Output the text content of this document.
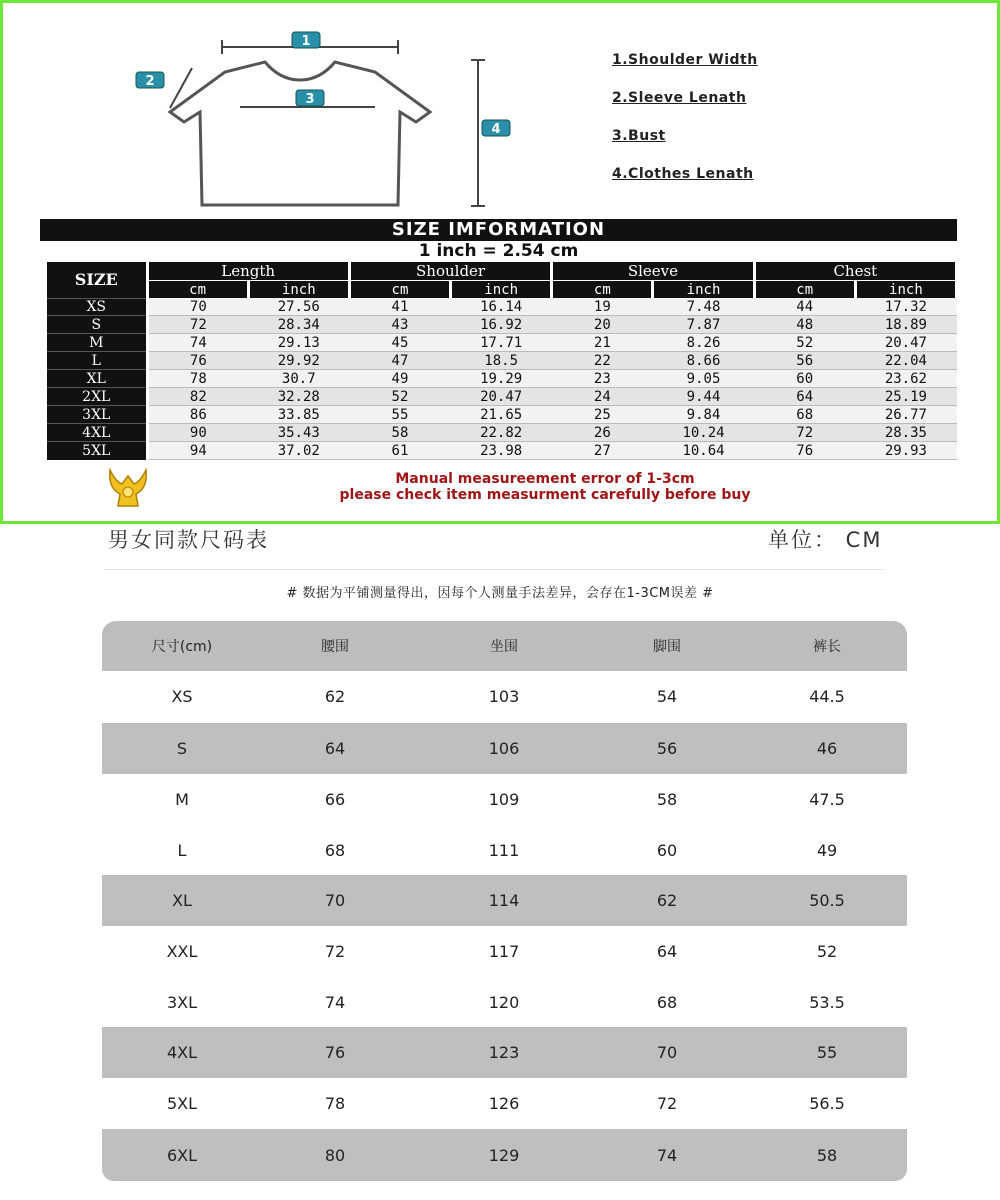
1
2
3
4
1.Shoulder Width
2.Sleeve Lenath
3.Bust
4.Clothes Lenath
SIZE IMFORMATION
1 inch = 2.54 cm
SIZE	Length		Shoulder		Sleeve		Chest	
	cm	inch	cm	inch	cm	inch	cm	inch
XS	70	27.56	41	16.14	19	7.48	44	17.32
S	72	28.34	43	16.92	20	7.87	48	18.89
M	74	29.13	45	17.71	21	8.26	52	20.47
L	76	29.92	47	18.5	22	8.66	56	22.04
XL	78	30.7	49	19.29	23	9.05	60	23.62
2XL	82	32.28	52	20.47	24	9.44	64	25.19
3XL	86	33.85	55	21.65	25	9.84	68	26.77
4XL	90	35.43	58	22.82	26	10.24	72	28.35
5XL	94	37.02	61	23.98	27	10.64	76	29.93
Manual measureement error of 1-3cm
please check item measurment carefully before buy
男女同款尺码表	单位： CM
# 数据为平铺测量得出，因每个人测量手法差异，会存在1-3CM误差 #
尺寸(cm)	腰围	坐围	脚围	裤长
XS	62	103	54	44.5
S	64	106	56	46
M	66	109	58	47.5
L	68	111	60	49
XL	70	114	62	50.5
XXL	72	117	64	52
3XL	74	120	68	53.5
4XL	76	123	70	55
5XL	78	126	72	56.5
6XL	80	129	74	58
